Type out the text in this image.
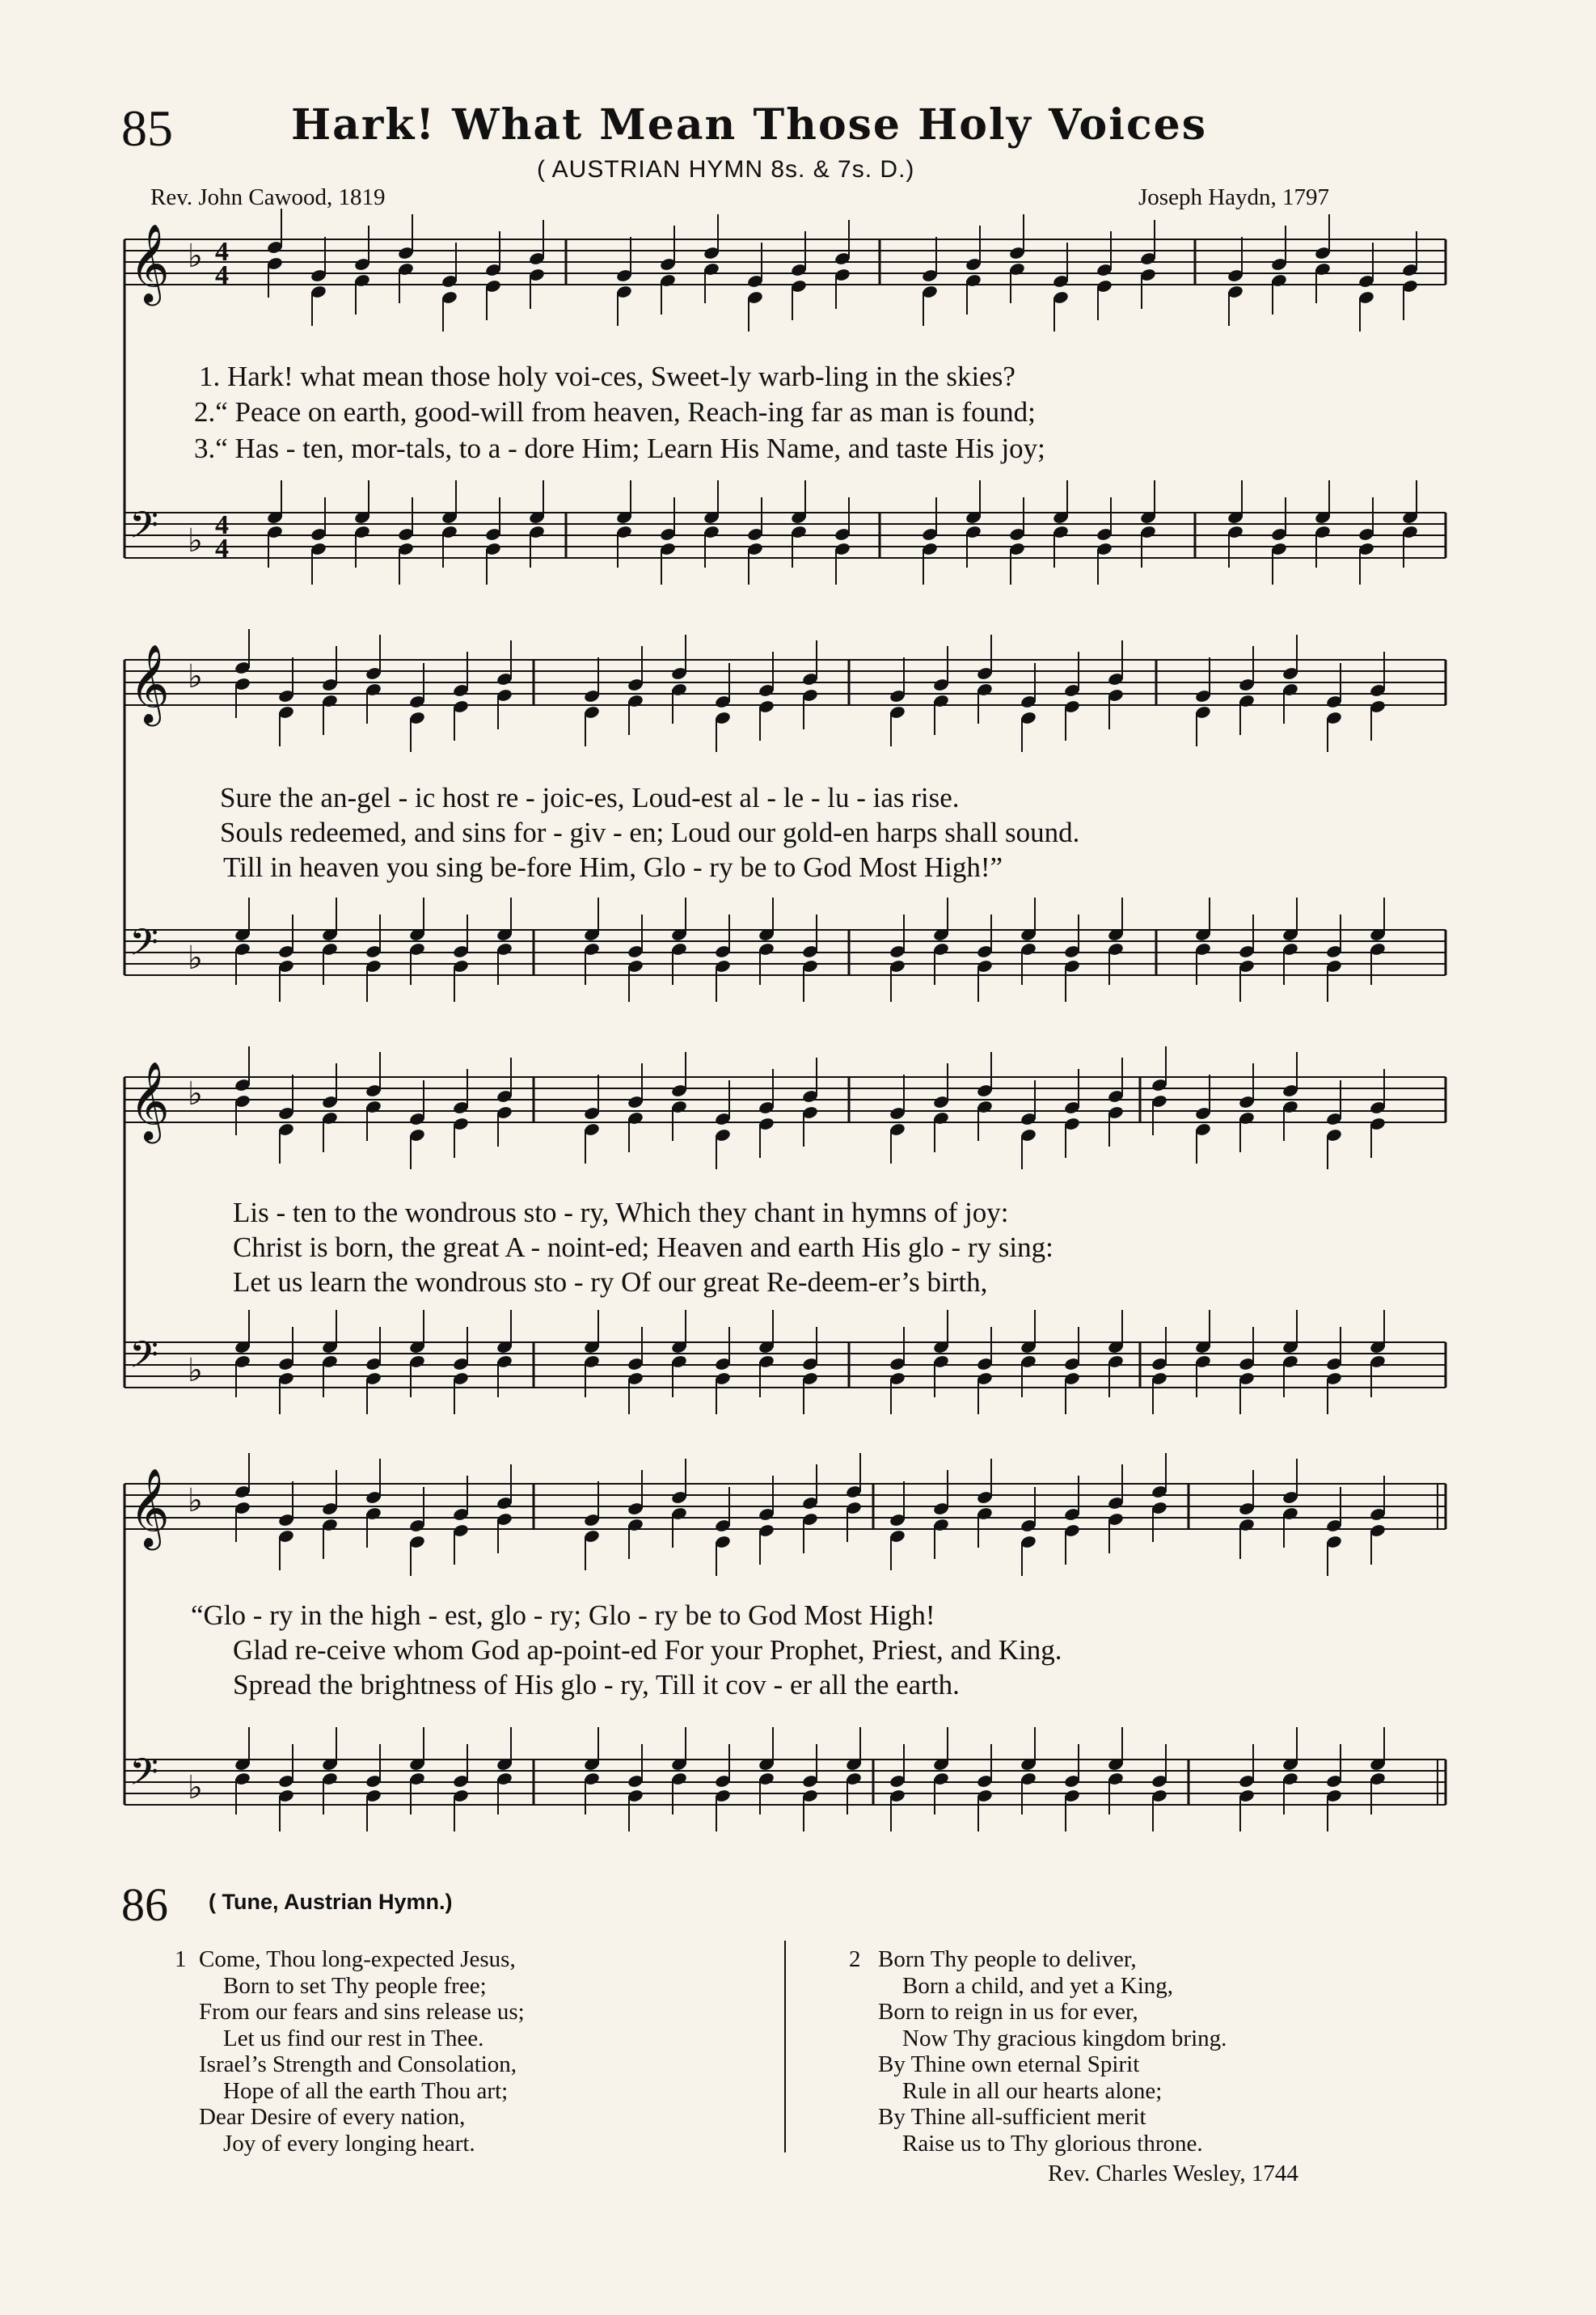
85	Hark! What Mean Those Holy Voices
( AUSTRIAN HYMN 8s. & 7s. D.)
Rev. John Cawood, 1819	Joseph Haydn, 1797
𝄞 ♭ 4
4
𝄢 ♭ 4
4
𝄞 ♭
𝄢 ♭
𝄞 ♭
𝄢 ♭
𝄞 ♭
𝄢 ♭
1. Hark! what mean those holy voi-ces, Sweet-ly warb-ling in the skies?
2.“ Peace on earth, good-will from heaven, Reach-ing far as man is found;
3.“ Has - ten, mor-tals, to a - dore Him; Learn His Name, and taste His joy;
Sure the an-gel - ic host re - joic-es, Loud-est al - le - lu - ias rise.
Souls redeemed, and sins for - giv - en; Loud our gold-en harps shall sound.
Till in heaven you sing be-fore Him, Glo - ry be to God Most High!”
Lis - ten to the wondrous sto - ry, Which they chant in hymns of joy:
Christ is born, the great A - noint-ed; Heaven and earth His glo - ry sing:
Let us learn the wondrous sto - ry Of our great Re-deem-er’s birth,
“Glo - ry in the high - est, glo - ry; Glo - ry be to God Most High!
Glad re-ceive whom God ap-point-ed For your Prophet, Priest, and King.
Spread the brightness of His glo - ry, Till it cov - er all the earth.
86 ( Tune, Austrian Hymn.)
1 Come, Thou long-expected Jesus,
Born to set Thy people free;
From our fears and sins release us;
Let us find our rest in Thee.
Israel’s Strength and Consolation,
Hope of all the earth Thou art;
Dear Desire of every nation,
Joy of every longing heart.
2 Born Thy people to deliver,
Born a child, and yet a King,
Born to reign in us for ever,
Now Thy gracious kingdom bring.
By Thine own eternal Spirit
Rule in all our hearts alone;
By Thine all-sufficient merit
Raise us to Thy glorious throne.
Rev. Charles Wesley, 1744
